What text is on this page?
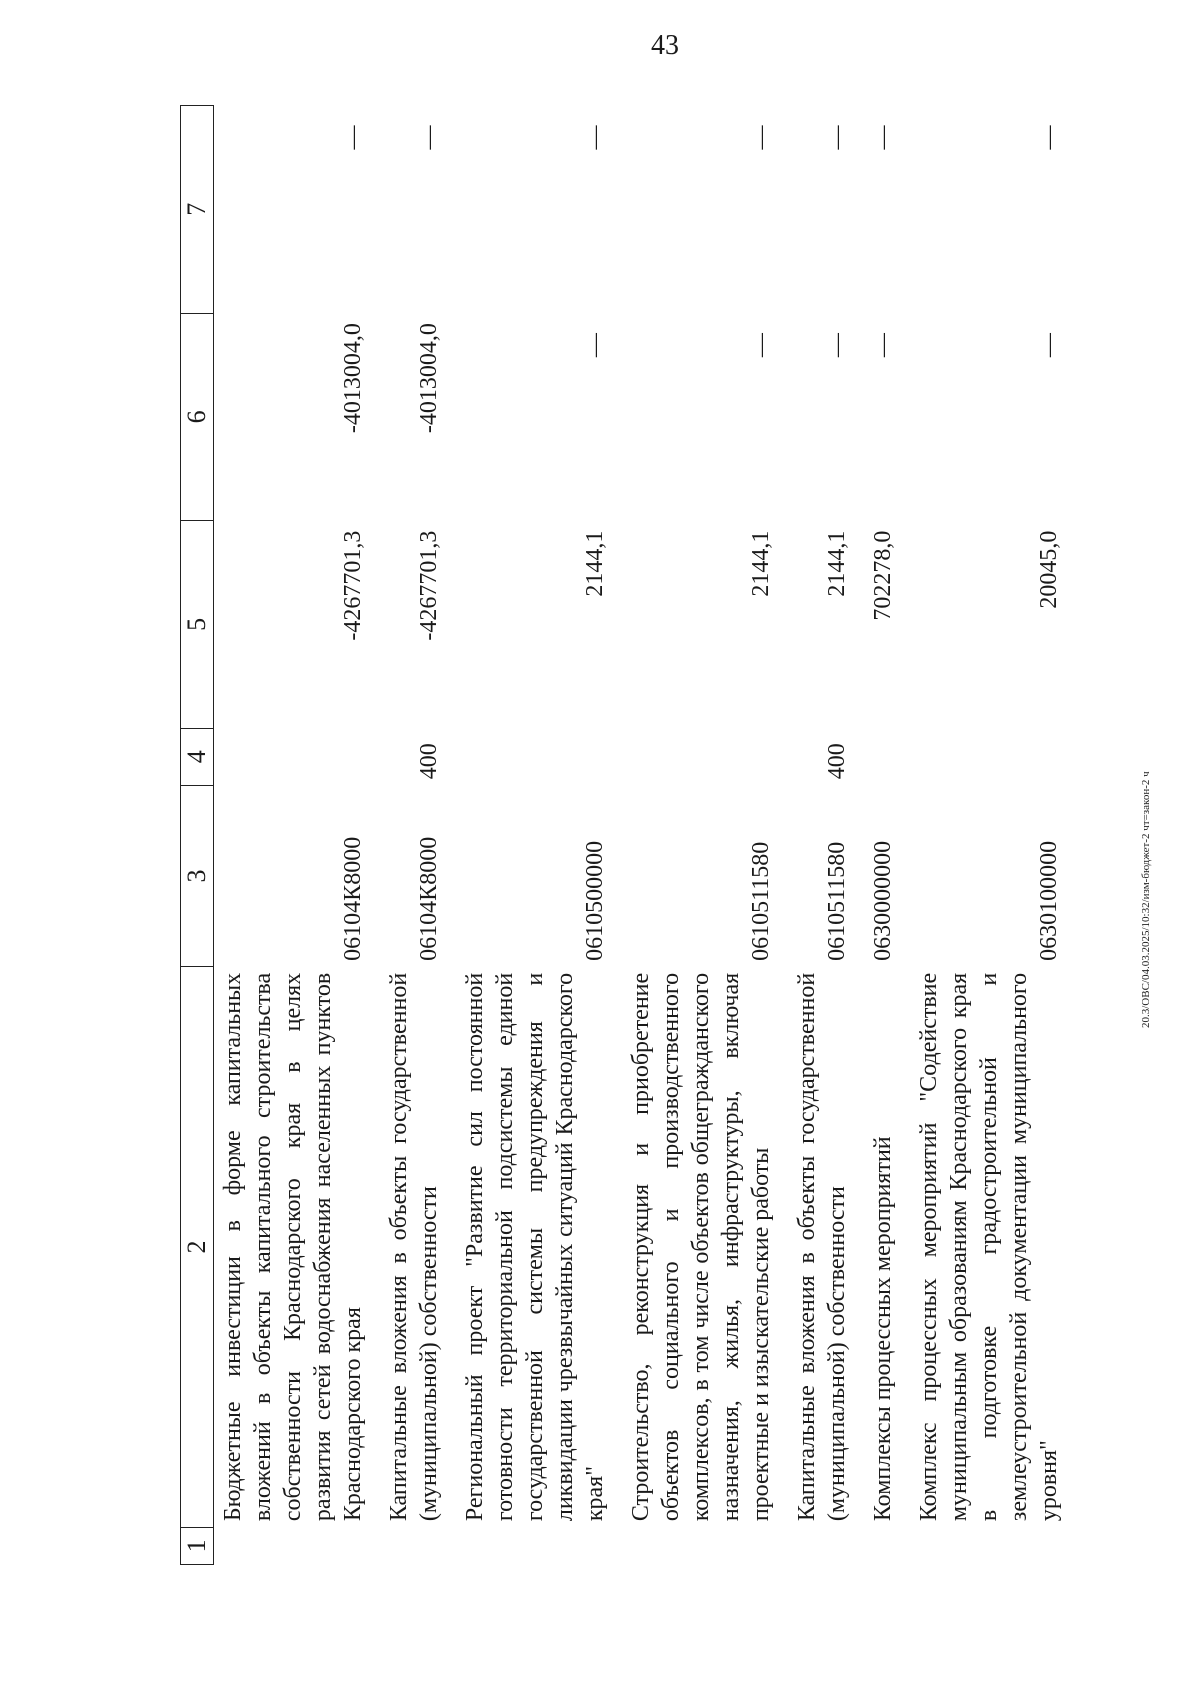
43
1	2	3	4	5	6	7
	Бюджетные инвестиции в форме капитальных вложений в объекты капитального строительства собственности Краснодарского края в целях развития сетей водоснабжения населенных пунктов Краснодарского края	06104К8000		-4267701,3	-4013004,0	—
	Капитальные вложения в объекты государственной (муниципальной) собственности	06104К8000	400	-4267701,3	-4013004,0	—
	Региональный проект "Развитие сил постоянной готовности территориальной подсистемы единой государственной системы предупреждения и ликвидации чрезвычайных ситуаций Краснодарского края"	0610500000		2144,1	—	—
	Строительство, реконструкция и приобретение объектов социального и производственного комплексов, в том числе объектов общегражданского назначения, жилья, инфраструктуры, включая проектные и изыскательские работы	0610511580		2144,1	—	—
	Капитальные вложения в объекты государственной (муниципальной) собственности	0610511580	400	2144,1	—	—
	Комплексы процессных мероприятий	0630000000		702278,0	—	—
	Комплекс процессных мероприятий "Содействие муниципальным образованиям Краснодарского края в подготовке градостроительной и землеустроительной документации муниципального уровня"	0630100000		20045,0	—	—
20.3/ОВС/04.03.2025/10:32/изм-бюджет-2 чт=закон-2 ч
